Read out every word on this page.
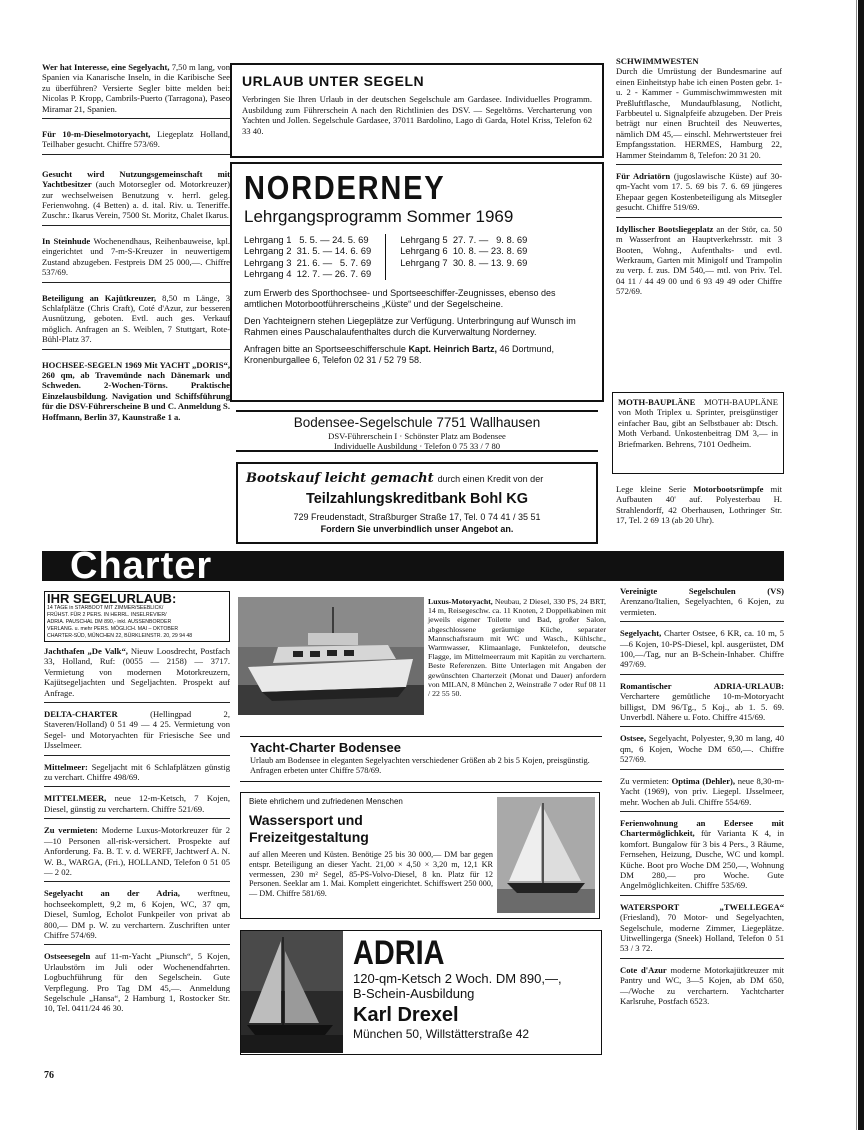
Wer hat Interesse, eine Segelyacht, 7,50 m lang, von Spanien via Kanarische Inseln, in die Karibische See zu überführen? Versierte Segler bitte melden bei: Nicolas P. Kropp, Cambrils-Puerto (Tarragona), Paseo Miramar 21, Spanien.
Für 10-m-Dieselmotoryacht, Liegeplatz Holland, Teilhaber gesucht. Chiffre 573/69.
Gesucht wird Nutzungsgemeinschaft mit Yachtbesitzer (auch Motorsegler od. Motorkreuzer) zur wechselweisen Benutzung v. herrl. geleg. Ferienwohng. (4 Betten) a. d. ital. Riv. u. Teneriffe. Zuschr.: Ikarus Verein, 7500 St. Moritz, Chalet Ikarus.
In Steinhude Wochenendhaus, Reihenbauweise, kpl. eingerichtet und 7-m-S-Kreuzer in neuwertigem Zustand abzugeben. Festpreis DM 25 000,—. Chiffre 537/69.
Beteiligung an Kajütkreuzer, 8,50 m Länge, 3 Schlafplätze (Chris Craft), Coté d'Azur, zur besseren Ausnützung, geboten. Evtl. auch ges. Verkauf möglich. Anfragen an S. Weiblen, 7 Stuttgart, Rote-Bühl-Platz 37.
HOCHSEE-SEGELN 1969 Mit YACHT „DORIS“, 260 qm, ab Travemünde nach Dänemark und Schweden. 2-Wochen-Törns. Praktische Einzelausbildung. Navigation und Schiffsführung für die DSV-Führerscheine B und C. Anmeldung S. Hoffmann, Berlin 37, Kaunstraße 1 a.
URLAUB UNTER SEGELN
Verbringen Sie Ihren Urlaub in der deutschen Segelschule am Gardasee. Individuelles Programm. Ausbildung zum Führerschein A nach den Richtlinien des DSV. — Segeltörns. Vercharterung von Yachten und Jollen. Segelschule Gardasee, 37011 Bardolino, Lago di Garda, Hotel Kriss, Telefon 62 33 40.
NORDERNEY
Lehrgangsprogramm Sommer 1969
Lehrgang 1   5. 5. — 24. 5. 69
Lehrgang 2  31. 5. — 14. 6. 69
Lehrgang 3  21. 6. —   5. 7. 69
Lehrgang 4  12. 7. — 26. 7. 69
Lehrgang 5  27. 7. —   9. 8. 69
Lehrgang 6  10. 8. — 23. 8. 69
Lehrgang 7  30. 8. — 13. 9. 69
zum Erwerb des Sporthochsee- und Sportseeschiffer-Zeugnisses, ebenso des amtlichen Motorbootführerscheins „Küste“ und der Segelscheine.
Den Yachteignern stehen Liegeplätze zur Verfügung. Unterbringung auf Wunsch im Rahmen eines Pauschalaufenthaltes durch die Kurverwaltung Norderney.
Anfragen bitte an Sportseeschifferschule Kapt. Heinrich Bartz, 46 Dortmund, Kronenburgallee 6, Telefon 02 31 / 52 79 58.
Bodensee-Segelschule 7751 Wallhausen
DSV-Führerschein I · Schönster Platz am Bodensee
Individuelle Ausbildung · Telefon 0 75 33 / 7 80
Bootskauf leicht gemacht durch einen Kredit von der
Teilzahlungskreditbank Bohl KG
729 Freudenstadt, Straßburger Straße 17, Tel. 0 74 41 / 35 51
Fordern Sie unverbindlich unser Angebot an.
SCHWIMMWESTEN
Durch die Umrüstung der Bundesmarine auf einen Einheitstyp habe ich einen Posten gebr. 1- u. 2 - Kammer - Gummischwimmwesten mit Preßluftflasche, Mundaufblasung, Notlicht, Farbbeutel u. Signalpfeife abzugeben. Der Preis beträgt nur einen Bruchteil des Neuwertes, nämlich DM 45,— einschl. Mehrwertsteuer frei Empfangsstation. HERMES, Hamburg 22, Hammer Steindamm 8, Telefon: 20 31 20.
Für Adriatörn (jugoslawische Küste) auf 30-qm-Yacht vom 17. 5. 69 bis 7. 6. 69 jüngeres Ehepaar gegen Kostenbeteiligung als Mitsegler gesucht. Chiffre 519/69.
Idyllischer Bootsliegeplatz an der Stör, ca. 50 m Wasserfront an Hauptverkehrsstr. mit 3 Booten, Wohng., Aufenthalts- und evtl. Werkraum, Garten mit Minigolf und Trampolin zu verp. f. zus. DM 540,— mtl. von Priv. Tel. 04 11 / 44 49 00 und 6 93 49 49 oder Chiffre 572/69.
MOTH-BAUPLÄNE MOTH-BAUPLÄNE von Moth Triplex u. Sprinter, preisgünstiger einfacher Bau, gibt an Selbstbauer ab: Dtsch. Moth Verband. Unkostenbeitrag DM 3,— in Briefmarken. Behrens, 7101 Oedheim.
Lege kleine Serie Motorbootsrümpfe mit Aufbauten 40' auf. Polyesterbau H. Strahlendorff, 42 Oberhausen, Lothringer Str. 17, Tel. 2 69 13 (ab 20 Uhr).
Charter
IHR SEGELURLAUB:
14 TAGE in STARBOOT MIT ZIMMER/SEEBLICK/
FRÜHST. FÜR 2 PERS. IN HERRL. INSELREVIER/
ADRIA. PAUSCHAL DM 890,- inkl. AUSSENBORDER
VERLANG. u. mehr PERS. MÖGLICH. MAI – OKTOBER
CHARTER-SÜD, MÜNCHEN 22, BÜRKLEINSTR. 20, 29 94 48
Jachthafen „De Valk“, Nieuw Loosdrecht, Postfach 33, Holland, Ruf: (0055 — 2158) — 3717. Vermietung von modernen Motorkreuzern, Kajütsegeljachten und Segeljachten. Prospekt auf Anfrage.
DELTA-CHARTER (Hellingpad 2, Staveren/Holland) 0 51 49 — 4 25. Vermietung von Segel- und Motoryachten für Friesische See und IJsselmeer.
Mittelmeer: Segeljacht mit 6 Schlafplätzen günstig zu verchart. Chiffre 498/69.
MITTELMEER, neue 12-m-Ketsch, 7 Kojen, Diesel, günstig zu verchartern. Chiffre 521/69.
Zu vermieten: Moderne Luxus-Motorkreuzer für 2—10 Personen all-risk-versichert. Prospekte auf Anforderung. Fa. B. T. v. d. WERFF, Jachtwerf A. N. W. B., WARGA, (Fri.), HOLLAND, Telefon 0 51 05 — 2 02.
Segelyacht an der Adria, werftneu, hochseekomplett, 9,2 m, 6 Kojen, WC, 37 qm, Diesel, Sumlog, Echolot Funkpeiler von privat ab 800,— DM p. W. zu verchartern. Zuschriften unter Chiffre 574/69.
Ostseesegeln auf 11-m-Yacht „Piunsch“, 5 Kojen, Urlaubstörn im Juli oder Wochenendfahrten. Logbuchführung für den Segelschein. Gute Verpflegung. Pro Tag DM 45,—. Anmeldung Segelschule „Hansa“, 2 Hamburg 1, Rostocker Str. 10, Tel. 0411/24 46 30.
Luxus-Motoryacht, Neubau, 2 Diesel, 330 PS, 24 BRT, 14 m, Reisegeschw. ca. 11 Knoten, 2 Doppelkabinen mit jeweils eigener Toilette und Bad, großer Salon, abgeschlossene geräumige Küche, separater Mannschaftsraum mit WC und Wasch., Kühlschr., Warmwasser, Klimaanlage, Funktelefon, deutsche Flagge, im Mittelmeerraum mit Kapitän zu verchartern. Beste Referenzen. Bitte Unterlagen mit Angaben der gewünschten Charterzeit (Monat und Dauer) anfordern von MILAN, 8 München 2, Weinstraße 7 oder Ruf 08 11 / 22 55 50.
Yacht-Charter Bodensee
Urlaub am Bodensee in eleganten Segelyachten verschiedener Größen ab 2 bis 5 Kojen, preisgünstig. Anfragen erbeten unter Chiffre 578/69.
Biete ehrlichem und zufriedenen Menschen
Wassersport und
Freizeitgestaltung
auf allen Meeren und Küsten. Benötige 25 bis 30 000,— DM bar gegen entspr. Beteiligung an dieser Yacht. 21,00 × 4,50 × 3,20 m, 12,1 KR vermessen, 230 m² Segel, 85-PS-Volvo-Diesel, 8 kn. Platz für 12 Personen. Seeklar am 1. Mai. Komplett eingerichtet. Schiffswert 250 000,— DM. Chiffre 581/69.
ADRIA
120-qm-Ketsch 2 Woch. DM 890,—,
B-Schein-Ausbildung
Karl Drexel
München 50, Willstätterstraße 42
Vereinigte Segelschulen (VS) Arenzano/Italien, Segelyachten, 6 Kojen, zu vermieten.
Segelyacht, Charter Ostsee, 6 KR, ca. 10 m, 5—6 Kojen, 10-PS-Diesel, kpl. ausgerüstet, DM 100,—/Tag, nur an B-Schein-Inhaber. Chiffre 497/69.
Romantischer ADRIA-URLAUB: Verchartere gemütliche 10-m-Motoryacht billigst, DM 96/Tg., 5 Koj., ab 1. 5. 69. Unverbdl. Nähere u. Foto. Chiffre 415/69.
Ostsee, Segelyacht, Polyester, 9,30 m lang, 40 qm, 6 Kojen, Woche DM 650,—. Chiffre 527/69.
Zu vermieten: Optima (Dehler), neue 8,30-m-Yacht (1969), von priv. Liegepl. IJsselmeer, mehr. Wochen ab Juli. Chiffre 554/69.
Ferienwohnung an Edersee mit Chartermöglichkeit, für Varianta K 4, in komfort. Bungalow für 3 bis 4 Pers., 3 Räume, Fernsehen, Heizung, Dusche, WC und kompl. Küche. Boot pro Woche DM 250,—, Wohnung DM 280,— pro Woche. Gute Angelmöglichkeiten. Chiffre 535/69.
WATERSPORT „TWELLEGEA“ (Friesland), 70 Motor- und Segelyachten, Segelschule, moderne Zimmer, Liegeplätze. Uitwellingerga (Sneek) Holland, Telefon 0 51 53 / 3 72.
Cote d'Azur moderne Motorkajütkreuzer mit Pantry und WC, 3—5 Kojen, ab DM 650,—/Woche zu verchartern. Yachtcharter Karlsruhe, Postfach 6523.
76
